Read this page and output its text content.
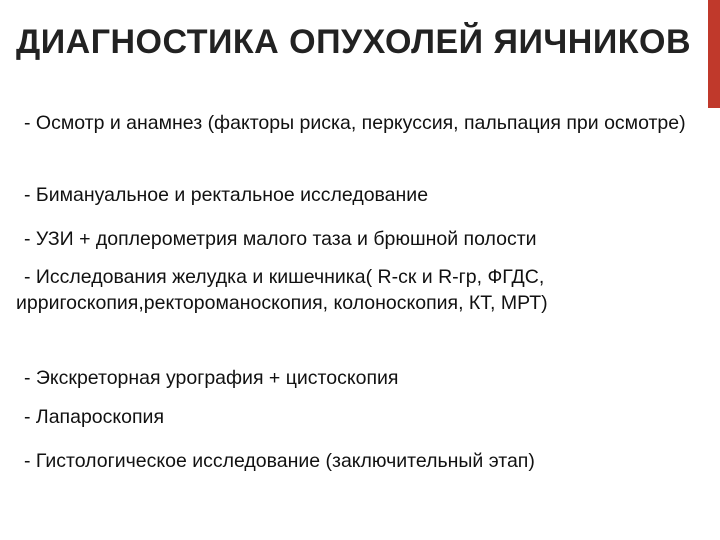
ДИАГНОСТИКА ОПУХОЛЕЙ ЯИЧНИКОВ
- Осмотр и анамнез (факторы риска, перкуссия, пальпация при осмотре)
- Бимануальное и ректальное исследование
- УЗИ + доплерометрия малого таза и брюшной полости
- Исследования желудка и кишечника( R-ск и R-гр, ФГДС, ирригоскопия,ректороманоскопия, колоноскопия, КТ, МРТ)
- Экскреторная урография + цистоскопия
- Лапароскопия
- Гистологическое исследование (заключительный этап)
